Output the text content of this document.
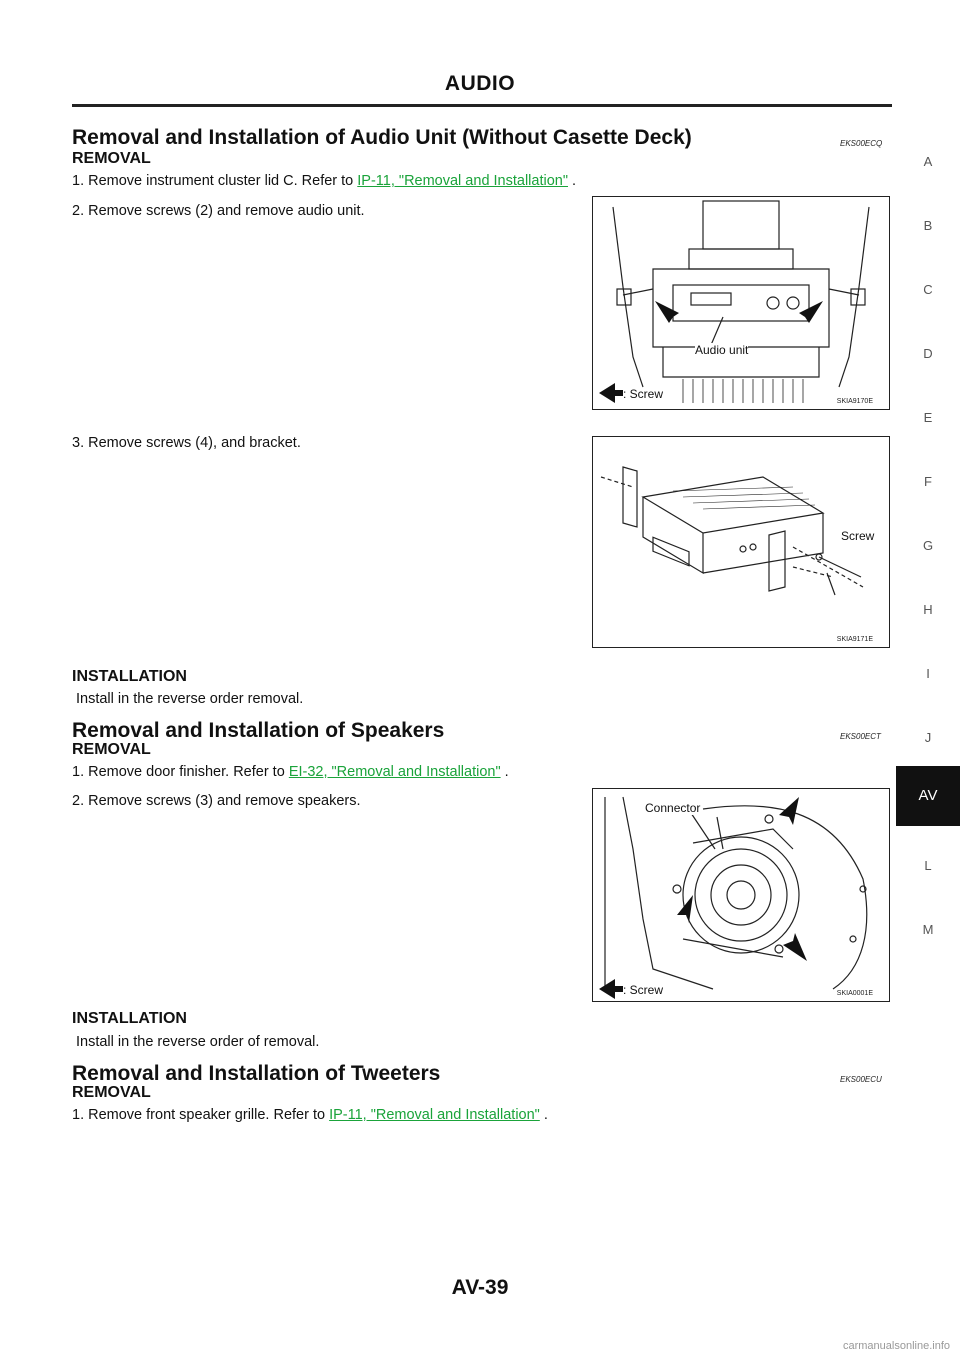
AUDIO
Removal and Installation of Audio Unit (Without Casette Deck)	EKS00ECQ
REMOVAL
1. Remove instrument cluster lid C. Refer to IP-11, "Removal and Installation" .
2. Remove screws (2) and remove audio unit.
Audio unit
: Screw
SKIA9170E
3. Remove screws (4), and bracket.
Screw
SKIA9171E
INSTALLATION
Install in the reverse order removal.
Removal and Installation of Speakers	EKS00ECT
REMOVAL
1. Remove door finisher. Refer to EI-32, "Removal and Installation" .
2. Remove screws (3) and remove speakers.	Connector
: Screw	SKIA0001E
INSTALLATION
Install in the reverse order of removal.
Removal and Installation of Tweeters	EKS00ECU
REMOVAL
1. Remove front speaker grille. Refer to IP-11, "Removal and Installation" .
A
B
C
D
E
F
G
H
I
J
AV
L
M
AV-39
carmanualsonline.info
